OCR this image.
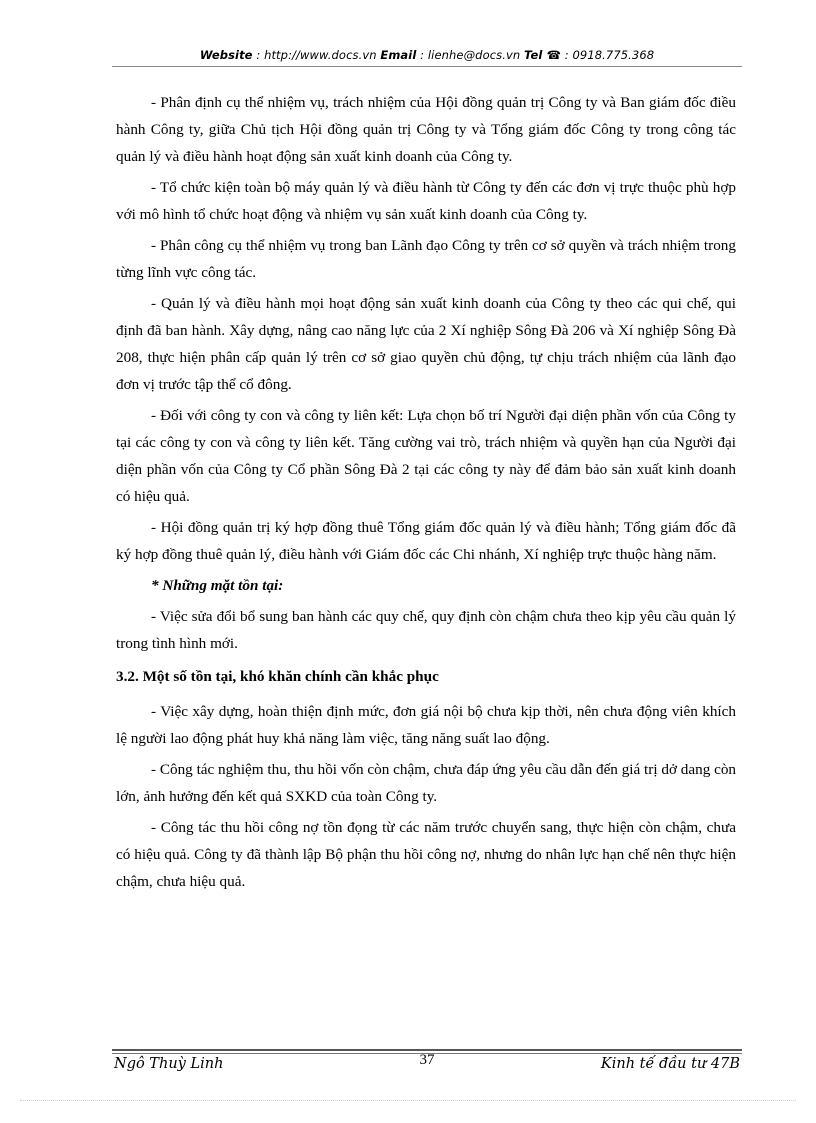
Website : http://www.docs.vn Email : lienhe@docs.vn Tel ☎ : 0918.775.368

- Phân định cụ thể nhiệm vụ, trách nhiệm của Hội đồng quản trị Công ty và Ban giám đốc điều hành Công ty, giữa Chủ tịch Hội đồng quản trị Công ty và Tổng giám đốc Công ty trong công tác quản lý và điều hành hoạt động sản xuất kinh doanh của Công ty.

- Tổ chức kiện toàn bộ máy quản lý và điều hành từ Công ty đến các đơn vị trực thuộc phù hợp với mô hình tổ chức hoạt động và nhiệm vụ sản xuất kinh doanh của Công ty.

- Phân công cụ thể nhiệm vụ trong ban Lãnh đạo Công ty trên cơ sở quyền và trách nhiệm trong từng lĩnh vực công tác.

- Quản lý và điều hành mọi hoạt động sản xuất kinh doanh của Công ty theo các qui chế, qui định đã ban hành. Xây dựng, nâng cao năng lực của 2 Xí nghiệp Sông Đà 206 và Xí nghiệp Sông Đà 208, thực hiện phân cấp quản lý trên cơ sở giao quyền chủ động, tự chịu trách nhiệm của lãnh đạo đơn vị trước tập thể cổ đông.

- Đối với công ty con và công ty liên kết: Lựa chọn bố trí Người đại diện phần vốn của Công ty tại các công ty con và công ty liên kết. Tăng cường vai trò, trách nhiệm và quyền hạn của Người đại diện phần vốn của Công ty Cổ phần Sông Đà 2 tại các công ty này để đảm bảo sản xuất kinh doanh có hiệu quả.

- Hội đồng quản trị ký hợp đồng thuê Tổng giám đốc quản lý và điều hành; Tổng giám đốc đã ký hợp đồng thuê quản lý, điều hành với Giám đốc các Chi nhánh, Xí nghiệp trực thuộc hàng năm.

* Những mặt tồn tại:

- Việc sửa đổi bổ sung ban hành các quy chế, quy định còn chậm chưa theo kịp yêu cầu quản lý trong tình hình mới.

3.2. Một số tồn tại, khó khăn chính cần khắc phục

- Việc xây dựng, hoàn thiện định mức, đơn giá nội bộ chưa kịp thời, nên chưa động viên khích lệ người lao động phát huy khả năng làm việc, tăng năng suất lao động.

- Công tác nghiệm thu, thu hồi vốn còn chậm, chưa đáp ứng yêu cầu dẫn đến giá trị dở dang còn lớn, ảnh hưởng đến kết quả SXKD của toàn Công ty.

- Công tác thu hồi công nợ tồn đọng từ các năm trước chuyển sang, thực hiện còn chậm, chưa có hiệu quả. Công ty đã thành lập Bộ phận thu hồi công nợ, nhưng do nhân lực hạn chế nên thực hiện chậm, chưa hiệu quả.

Ngô Thuỳ Linh	37	Kinh tế đầu tư 47B
